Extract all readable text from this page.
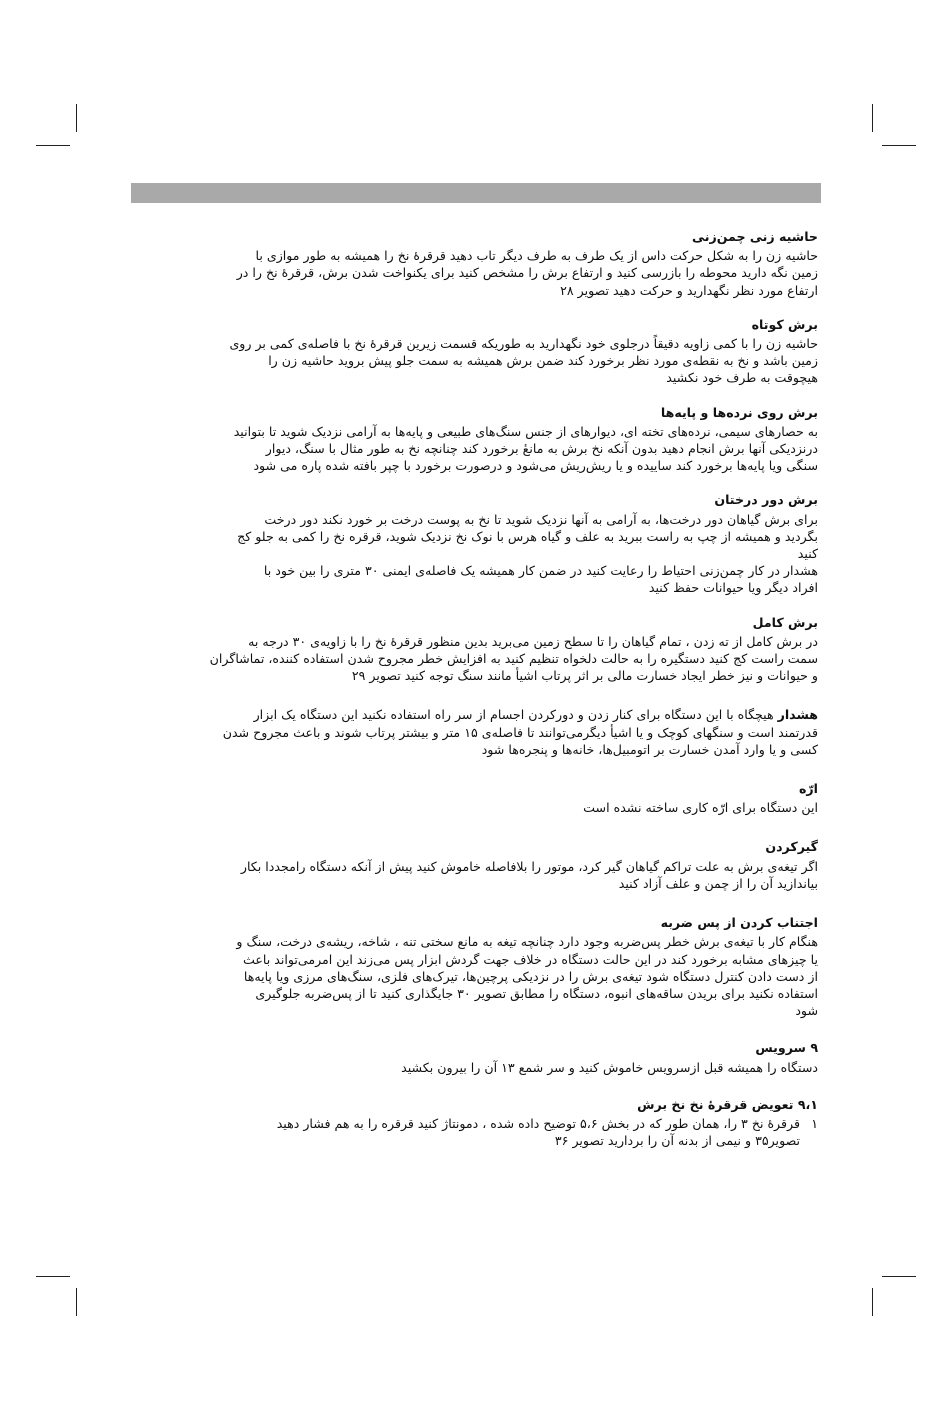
حاشیه زنی چمن‌زنی
حاشیه زن را به شکل حرکت داس از یک طرف به طرف دیگر تاب دهید قرقرهٔ نخ را همیشه به طور موازی با
زمین نگه دارید محوطه را بازرسی کنید و ارتفاع برش را مشخص کنید برای یکنواخت شدن برش، قرقرهٔ نخ را در
ارتفاع مورد نظر نگهدارید و حرکت دهید تصویر ۲۸
برش کوتاه
حاشیه زن را با کمی زاویه دقیقاً درجلوی خود نگهدارید به طوریکه قسمت زیرین قرقرهٔ نخ با فاصله‌ی کمی بر روی
زمین باشد و نخ به نقطه‌ی مورد نظر برخورد کند ضمن برش همیشه به سمت جلو پیش بروید حاشیه زن را
هیچوقت به طرف خود نکشید
برش روی نرده‌ها و پایه‌ها
به حصارهای سیمی، نرده‌های تخته ای، دیوارهای از جنس سنگ‌های طبیعی و پایه‌ها به آرامی نزدیک شوید تا بتوانید
درنزدیکی آنها برش انجام دهید بدون آنکه نخ برش به مانعٔ برخورد کند چنانچه نخ به طور مثال با سنگ، دیوار
سنگی ویا پایه‌ها برخورد کند ساییده و یا ریش‌ریش می‌شود و درصورت برخورد با چپر بافته شده پاره می شود
برش دور درختان
برای برش گیاهان دور درخت‌ها، به آرامی به آنها نزدیک شوید تا نخ به پوست درخت بر خورد نکند دور درخت
بگردید و همیشه از چپ به راست ببرید به علف و گیاه هرس با نوک نخ نزدیک شوید، قرقره نخ را کمی به جلو کج
کنید
هشدار در کار چمن‌زنی احتیاط را رعایت کنید در ضمن کار همیشه یک فاصله‌ی ایمنی ۳۰ متری را بین خود با
افراد دیگر ویا حیوانات حفظ کنید
برش کامل
در برش کامل از ته زدن ، تمام گیاهان را تا سطح زمین می‌برید بدین منظور قرقرهٔ نخ را با زاویه‌ی ۳۰ درجه به
سمت راست کج کنید دستگیره را به حالت دلخواه تنظیم کنید به افزایش خطر مجروح شدن استفاده کننده، تماشاگران
و حیوانات و نیز خطر ایجاد خسارت مالی بر اثر پرتاب اشیأ مانند سنگ توجه کنید تصویر ۲۹
هشدار هیچگاه با این دستگاه برای کنار زدن و دورکردن اجسام از سر راه استفاده نکنید این دستگاه یک ابزار
قدرتمند است و سنگهای کوچک و یا اشیأ دیگرمی‌توانند تا فاصله‌ی ۱۵ متر و بیشتر پرتاب شوند و باعث مجروح شدن
کسی و یا وارد آمدن خسارت بر اتومبیل‌ها، خانه‌ها و پنجره‌ها شود
ار‌ّه
این دستگاه برای ار‌ّه کاری ساخته نشده است
گیرکردن
اگر تیغه‌ی برش به علت تراکم گیاهان گیر کرد، موتور را بلافاصله خاموش کنید پیش از آنکه دستگاه رامجددا بکار
بیاندازید آن را از چمن و علف آزاد کنید
اجتناب کردن از پس ضربه
هنگام کار با تیغه‌ی برش خطر پس‌ضربه وجود دارد چنانچه تیغه به مانع سختی تنه ، شاخه، ریشه‌ی درخت، سنگ و
یا چیزهای مشابه برخورد کند در این حالت دستگاه در خلاف جهت گردش ابزار پس می‌زند این امرمی‌تواند باعث
از دست دادن کنترل دستگاه شود تیغه‌ی برش را در نزدیکی پرچین‌ها، تیرک‌های فلزی، سنگ‌های مرزی ویا پایه‌ها
استفاده نکنید برای بریدن ساقه‌های انبوه، دستگاه را مطابق تصویر ۳۰ جایگذاری کنید تا از پس‌ضربه جلوگیری
شود
۹ سرویس
دستگاه را همیشه قبل ازسرویس خاموش کنید و سر شمع ۱۳ آن را بیرون بکشید
۹،۱ تعویض قرقرهٔ نخ نخ برش
۱
قرقرهٔ نخ ۳ را، همان طور که در بخش ۵،۶ توضیح داده شده ، دمونتاژ کنید قرقره را به هم فشار دهید
تصویر۳۵ و نیمی از بدنه آن را بردارید تصویر ۳۶
